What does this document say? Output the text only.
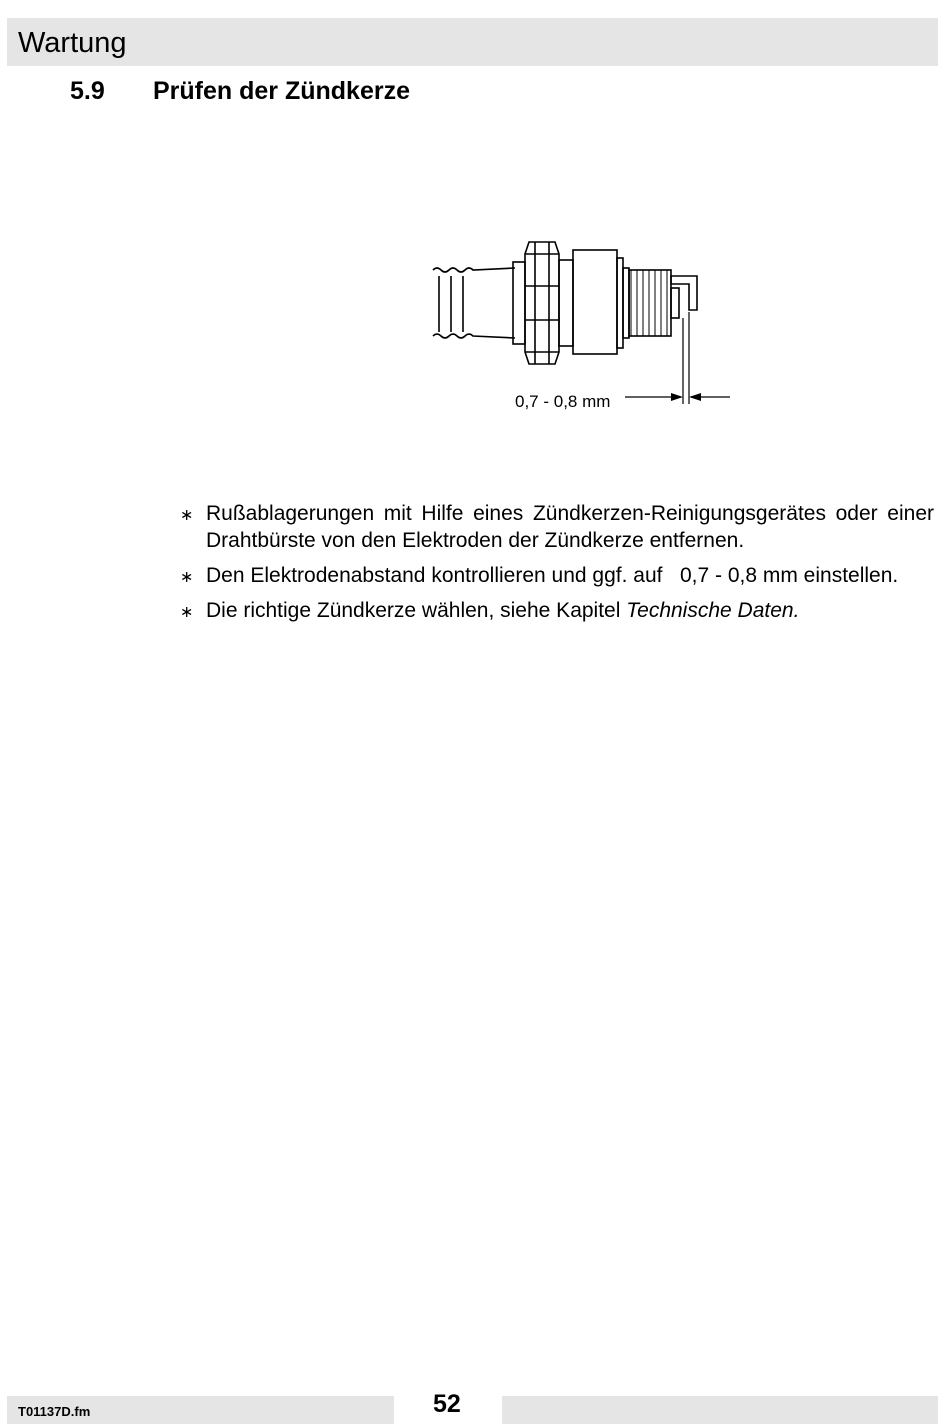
Wartung
5.9 Prüfen der Zündkerze
0,7 - 0,8 mm
∗ Rußablagerungen mit Hilfe eines Zündkerzen-Reinigungsgerätes oder einer Drahtbürste von den Elektroden der Zündkerze entfernen.
∗ Den Elektrodenabstand kontrollieren und ggf. auf   0,7 - 0,8 mm einstellen.
∗ Die richtige Zündkerze wählen, siehe Kapitel Technische Daten.
T01137D.fm	52
